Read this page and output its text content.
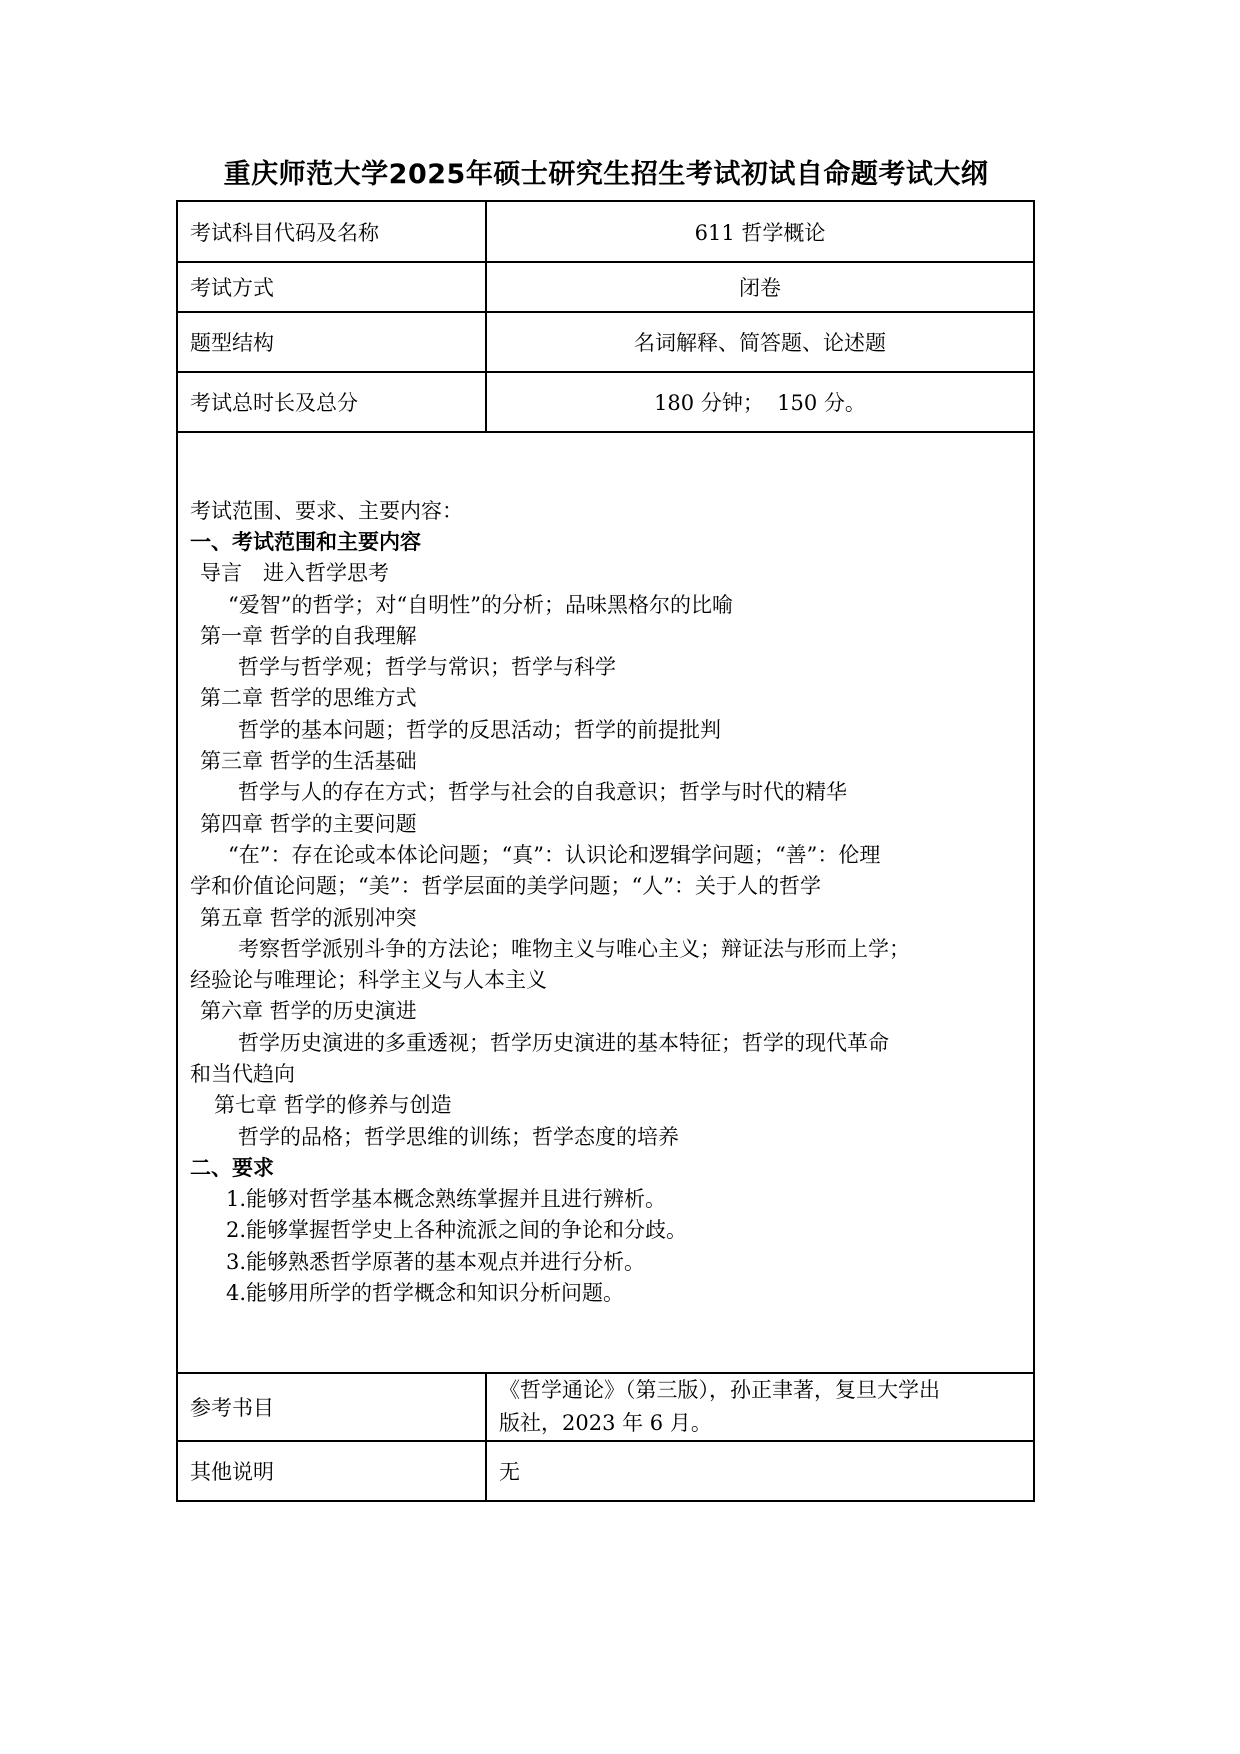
重庆师范大学2025年硕士研究生招生考试初试自命题考试大纲
考试科目代码及名称	611 哲学概论
考试方式	闭卷
题型结构	名词解释、简答题、论述题
考试总时长及总分	180 分钟；  150 分。

考试范围、要求、主要内容：
一、考试范围和主要内容
导言　进入哲学思考
“爱智”的哲学；对“自明性”的分析；品味黑格尔的比喻
第一章 哲学的自我理解
哲学与哲学观；哲学与常识；哲学与科学
第二章 哲学的思维方式
哲学的基本问题；哲学的反思活动；哲学的前提批判
第三章 哲学的生活基础
哲学与人的存在方式；哲学与社会的自我意识；哲学与时代的精华
第四章 哲学的主要问题
“在”：存在论或本体论问题；“真”：认识论和逻辑学问题；“善”：伦理
学和价值论问题；“美”：哲学层面的美学问题；“人”：关于人的哲学
第五章 哲学的派别冲突
考察哲学派别斗争的方法论；唯物主义与唯心主义；辩证法与形而上学；
经验论与唯理论；科学主义与人本主义
第六章 哲学的历史演进
哲学历史演进的多重透视；哲学历史演进的基本特征；哲学的现代革命
和当代趋向
第七章 哲学的修养与创造
哲学的品格；哲学思维的训练；哲学态度的培养
二、要求
1.能够对哲学基本概念熟练掌握并且进行辨析。
2.能够掌握哲学史上各种流派之间的争论和分歧。
3.能够熟悉哲学原著的基本观点并进行分析。
4.能够用所学的哲学概念和知识分析问题。

参考书目	《哲学通论》（第三版），孙正聿著，复旦大学出
版社，2023 年 6 月。

其他说明	无
